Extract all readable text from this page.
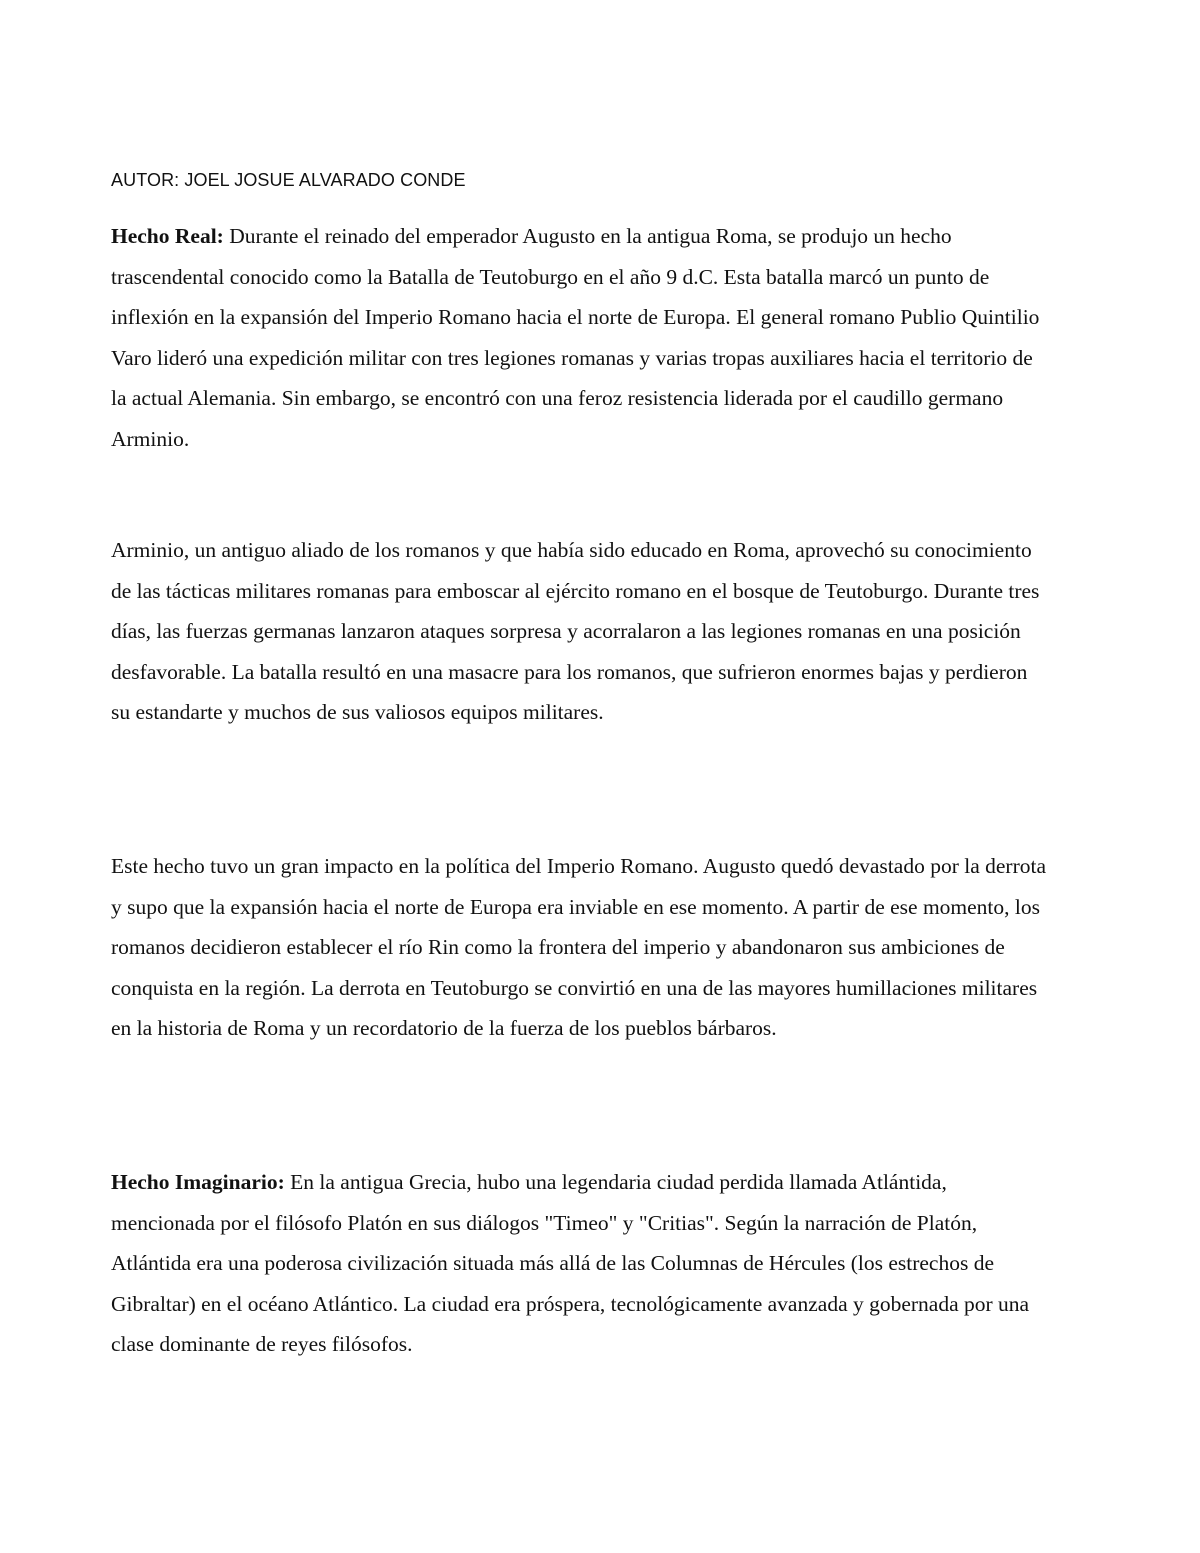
AUTOR: JOEL JOSUE ALVARADO CONDE

Hecho Real: Durante el reinado del emperador Augusto en la antigua Roma, se produjo un hecho trascendental conocido como la Batalla de Teutoburgo en el año 9 d.C. Esta batalla marcó un punto de inflexión en la expansión del Imperio Romano hacia el norte de Europa. El general romano Publio Quintilio Varo lideró una expedición militar con tres legiones romanas y varias tropas auxiliares hacia el territorio de la actual Alemania. Sin embargo, se encontró con una feroz resistencia liderada por el caudillo germano Arminio.

Arminio, un antiguo aliado de los romanos y que había sido educado en Roma, aprovechó su conocimiento de las tácticas militares romanas para emboscar al ejército romano en el bosque de Teutoburgo. Durante tres días, las fuerzas germanas lanzaron ataques sorpresa y acorralaron a las legiones romanas en una posición desfavorable. La batalla resultó en una masacre para los romanos, que sufrieron enormes bajas y perdieron su estandarte y muchos de sus valiosos equipos militares.

Este hecho tuvo un gran impacto en la política del Imperio Romano. Augusto quedó devastado por la derrota y supo que la expansión hacia el norte de Europa era inviable en ese momento. A partir de ese momento, los romanos decidieron establecer el río Rin como la frontera del imperio y abandonaron sus ambiciones de conquista en la región. La derrota en Teutoburgo se convirtió en una de las mayores humillaciones militares en la historia de Roma y un recordatorio de la fuerza de los pueblos bárbaros.

Hecho Imaginario: En la antigua Grecia, hubo una legendaria ciudad perdida llamada Atlántida, mencionada por el filósofo Platón en sus diálogos "Timeo" y "Critias". Según la narración de Platón, Atlántida era una poderosa civilización situada más allá de las Columnas de Hércules (los estrechos de Gibraltar) en el océano Atlántico. La ciudad era próspera, tecnológicamente avanzada y gobernada por una clase dominante de reyes filósofos.
